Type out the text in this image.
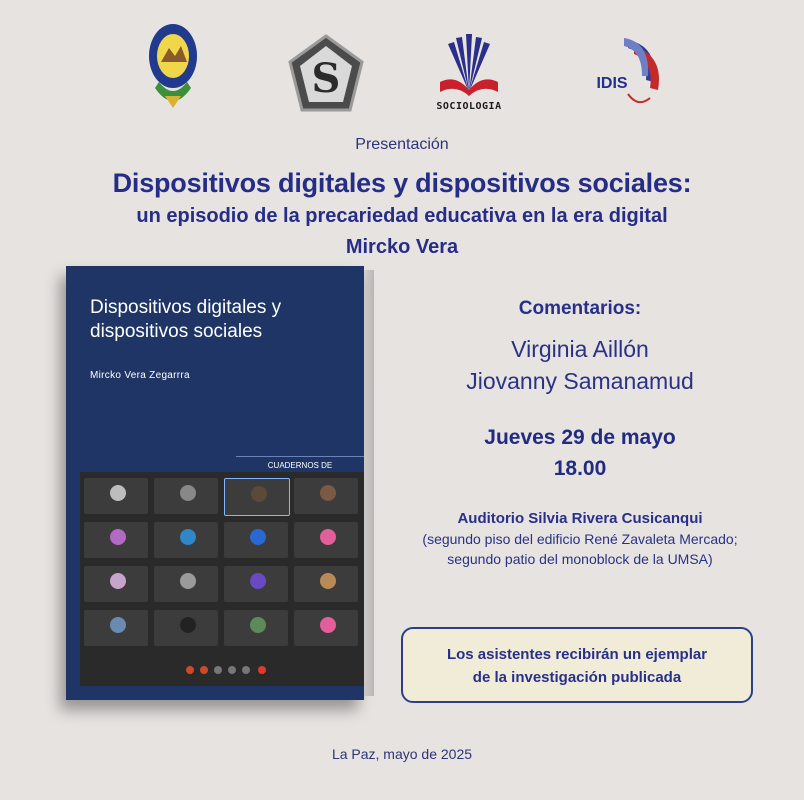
S
SOCIOLOGIA
IDIS
Presentación
Dispositivos digitales y dispositivos sociales:
un episodio de la precariedad educativa en la era digital
Mircko Vera
Dispositivos digitales y
dispositivos sociales
Mircko Vera Zegarrra
CUADERNOS DE
Comentarios:
Virginia Aillón
Jiovanny Samanamud
Jueves 29 de mayo
18.00
Auditorio Silvia Rivera Cusicanqui
(segundo piso del edificio René Zavaleta Mercado;
segundo patio del monoblock de la UMSA)
Los asistentes recibirán un ejemplar
de la investigación publicada
La Paz, mayo de 2025
